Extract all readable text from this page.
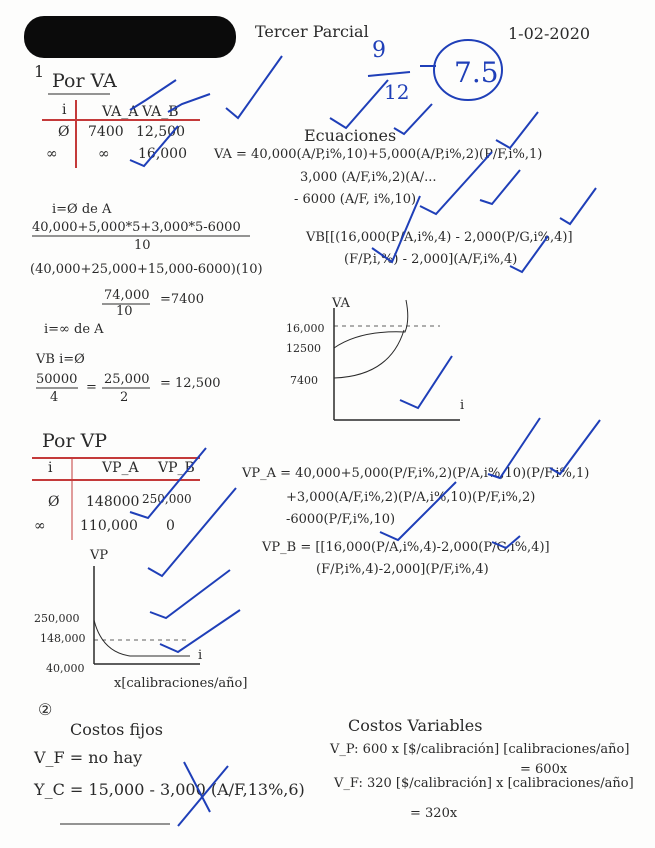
Tercer Parcial	1-02-2020
9
12
7.5
1 Por VA
i	VA_A VA_B
Ø 7400 12,500
∞	∞ 16,000
Ecuaciones
VA = 40,000(A/P,i%,10)+5,000(A/P,i%,2)(P/F,i%,1)
3,000 (A/F,i%,2)(A/...
- 6000 (A/F, i%,10)
VB[[(16,000(P/A,i%,4) - 2,000(P/G,i%,4)]
(F/P,i,%) - 2,000](A/F,i%,4)
i=Ø de A
40,000+5,000*5+3,000*5-6000
10
(40,000+25,000+15,000-6000)(10)
74,000
10
=7400
i=∞ de A
VB i=Ø
50000
4
=
25,000
2
= 12,500
VA
i
16,000
12500
7400
Por VP
i	VP_A VP_B
Ø 148000 250,000
∞ 110,000 0
VP_A = 40,000+5,000(P/F,i%,2)(P/A,i%,10)(P/F,i%,1)
+3,000(A/F,i%,2)(P/A,i%,10)(P/F,i%,2)
-6000(P/F,i%,10)
VP_B = [[16,000(P/A,i%,4)-2,000(P/G,i%,4)]
(F/P,i%,4)-2,000](P/F,i%,4)
VP
i
250,000
148,000
40,000
x[calibraciones/año]
②
Costos fijos
V_F = no hay
Y_C = 15,000 - 3,000 (A/F,13%,6)
Costos Variables
V_P: 600 x [$/calibración] [calibraciones/año]
= 600x
V_F: 320 [$/calibración] x [calibraciones/año]
= 320x
